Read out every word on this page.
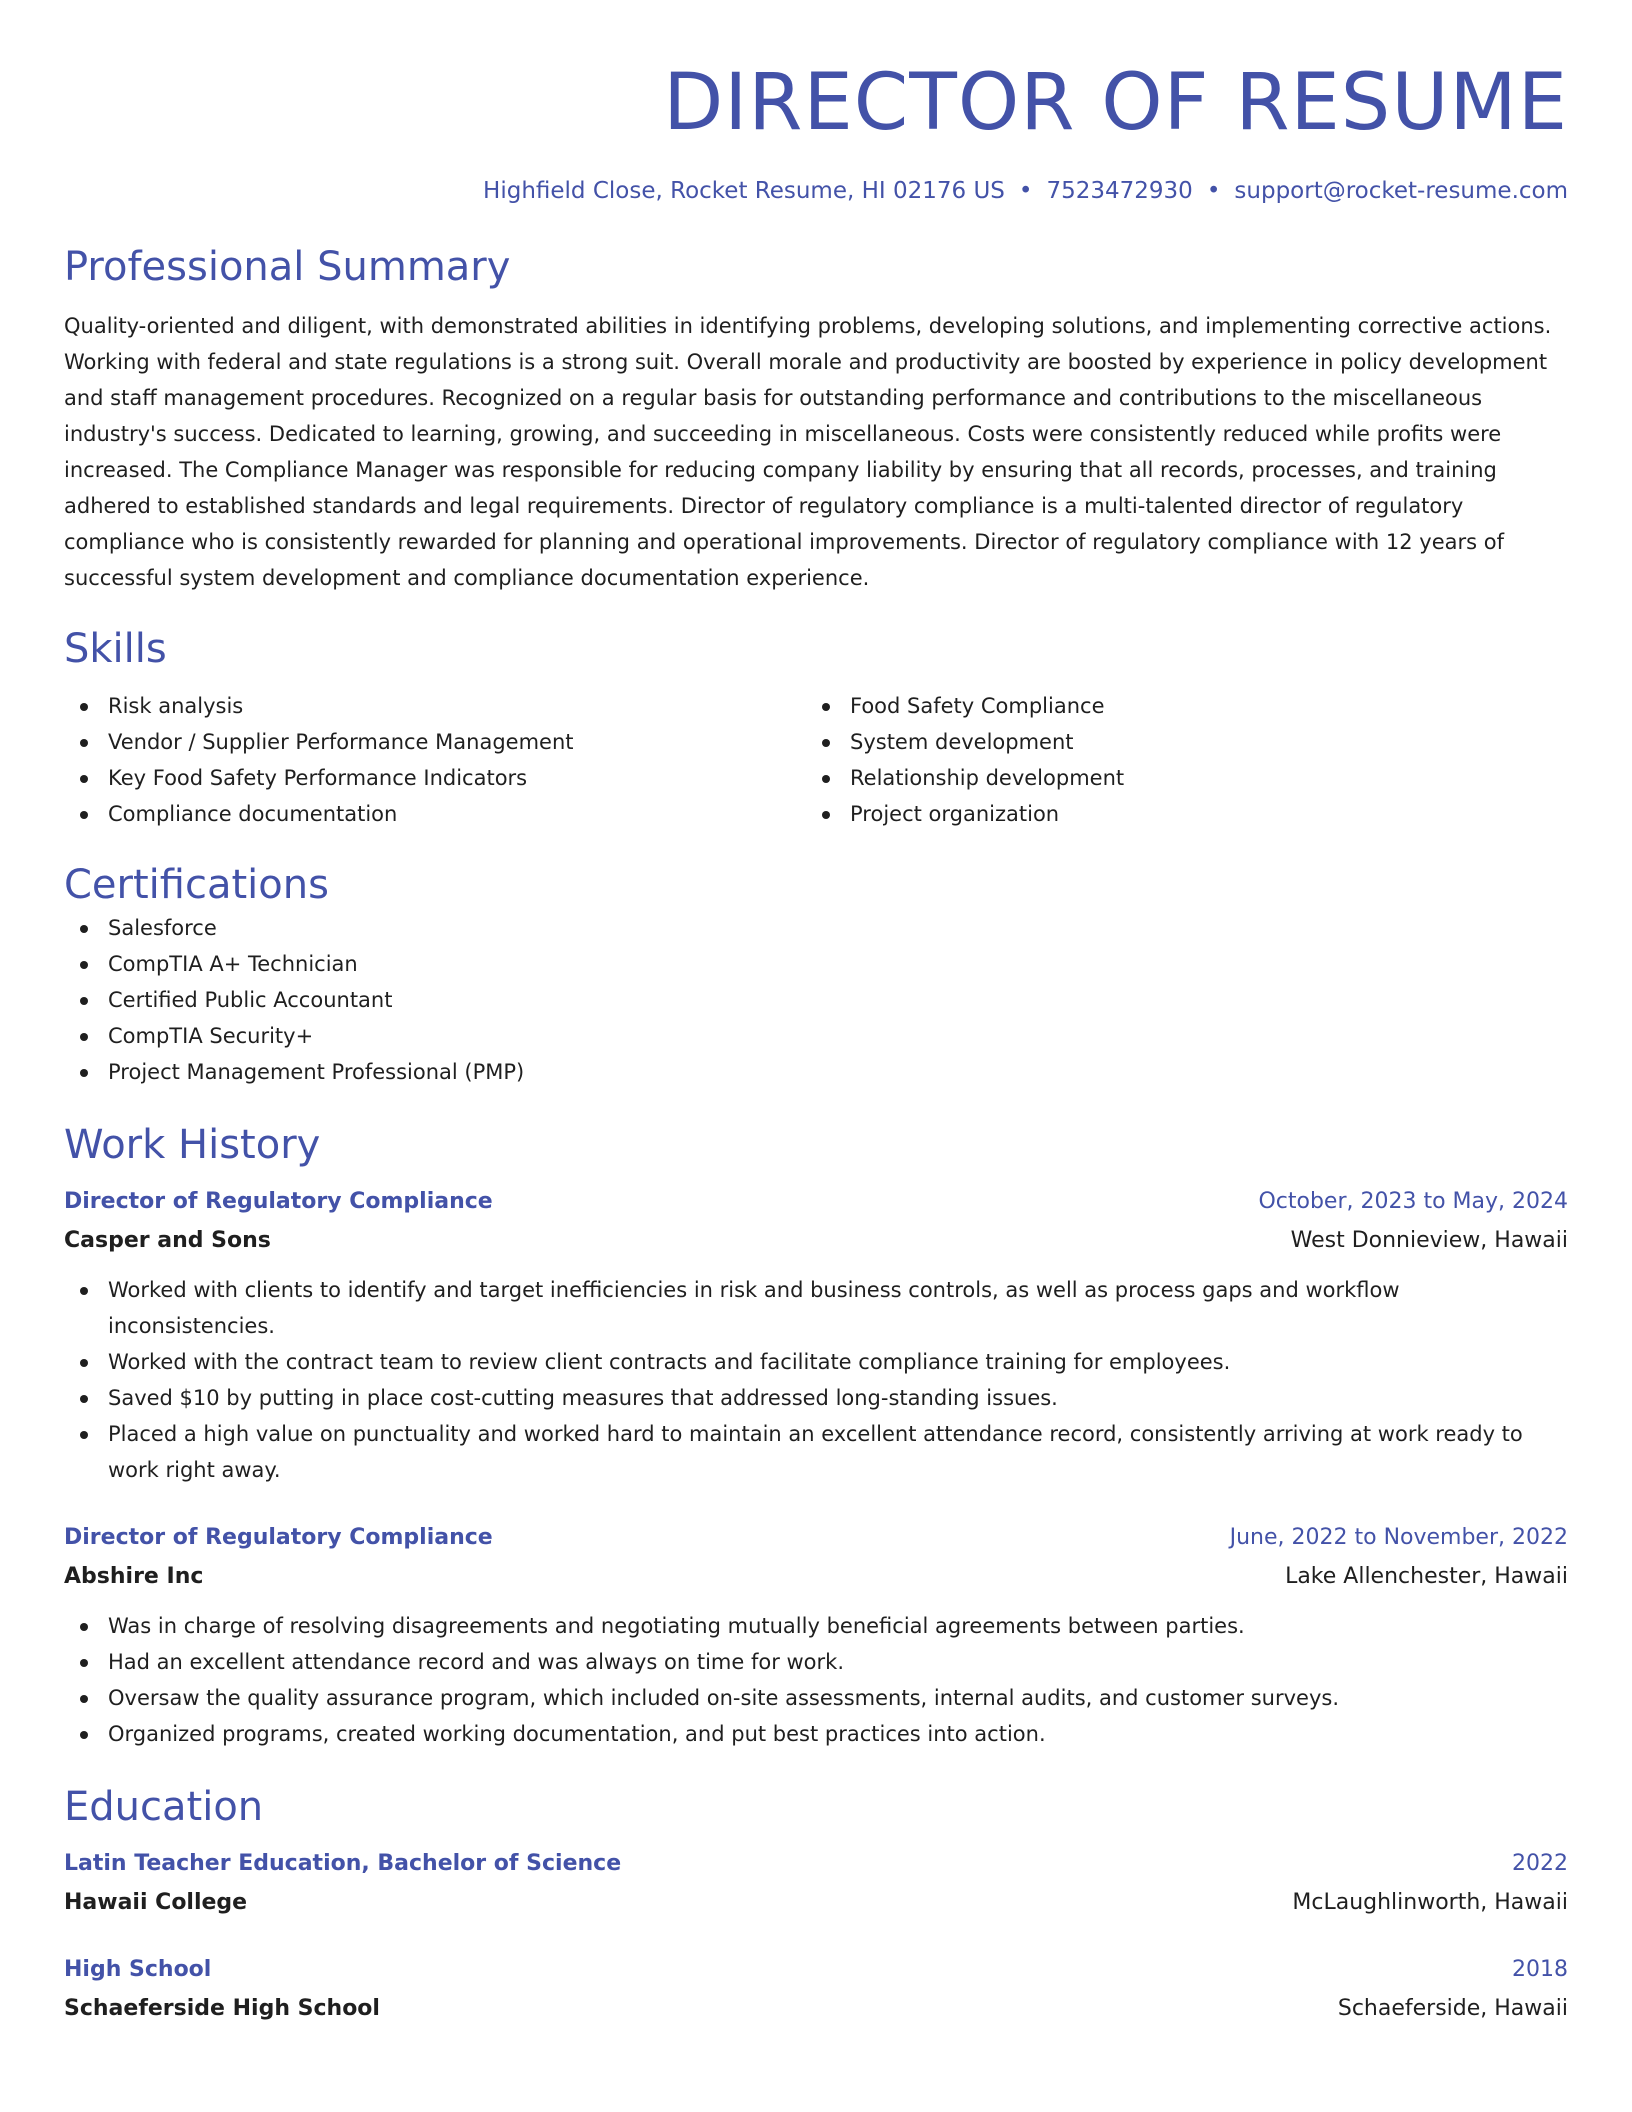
DIRECTOR OF RESUME
Highfield Close, Rocket Resume, HI 02176 US • 7523472930 • support@rocket-resume.com
Professional Summary
Quality-oriented and diligent, with demonstrated abilities in identifying problems, developing solutions, and implementing corrective actions. Working with federal and state regulations is a strong suit. Overall morale and productivity are boosted by experience in policy development and staff management procedures. Recognized on a regular basis for outstanding performance and contributions to the miscellaneous industry's success. Dedicated to learning, growing, and succeeding in miscellaneous. Costs were consistently reduced while profits were increased. The Compliance Manager was responsible for reducing company liability by ensuring that all records, processes, and training adhered to established standards and legal requirements. Director of regulatory compliance is a multi-talented director of regulatory compliance who is consistently rewarded for planning and operational improvements. Director of regulatory compliance with 12 years of successful system development and compliance documentation experience.
Skills
Risk analysis
Vendor / Supplier Performance Management
Key Food Safety Performance Indicators
Compliance documentation
Food Safety Compliance
System development
Relationship development
Project organization
Certifications
Salesforce
CompTIA A+ Technician
Certified Public Accountant
CompTIA Security+
Project Management Professional (PMP)
Work History
Director of Regulatory Compliance	October, 2023 to May, 2024
Casper and Sons	West Donnieview, Hawaii
Worked with clients to identify and target inefficiencies in risk and business controls, as well as process gaps and workflow inconsistencies.
Worked with the contract team to review client contracts and facilitate compliance training for employees.
Saved $10 by putting in place cost-cutting measures that addressed long-standing issues.
Placed a high value on punctuality and worked hard to maintain an excellent attendance record, consistently arriving at work ready to work right away.
Director of Regulatory Compliance	June, 2022 to November, 2022
Abshire Inc	Lake Allenchester, Hawaii
Was in charge of resolving disagreements and negotiating mutually beneficial agreements between parties.
Had an excellent attendance record and was always on time for work.
Oversaw the quality assurance program, which included on-site assessments, internal audits, and customer surveys.
Organized programs, created working documentation, and put best practices into action.
Education
Latin Teacher Education, Bachelor of Science	2022
Hawaii College	McLaughlinworth, Hawaii
High School	2018
Schaeferside High School	Schaeferside, Hawaii
